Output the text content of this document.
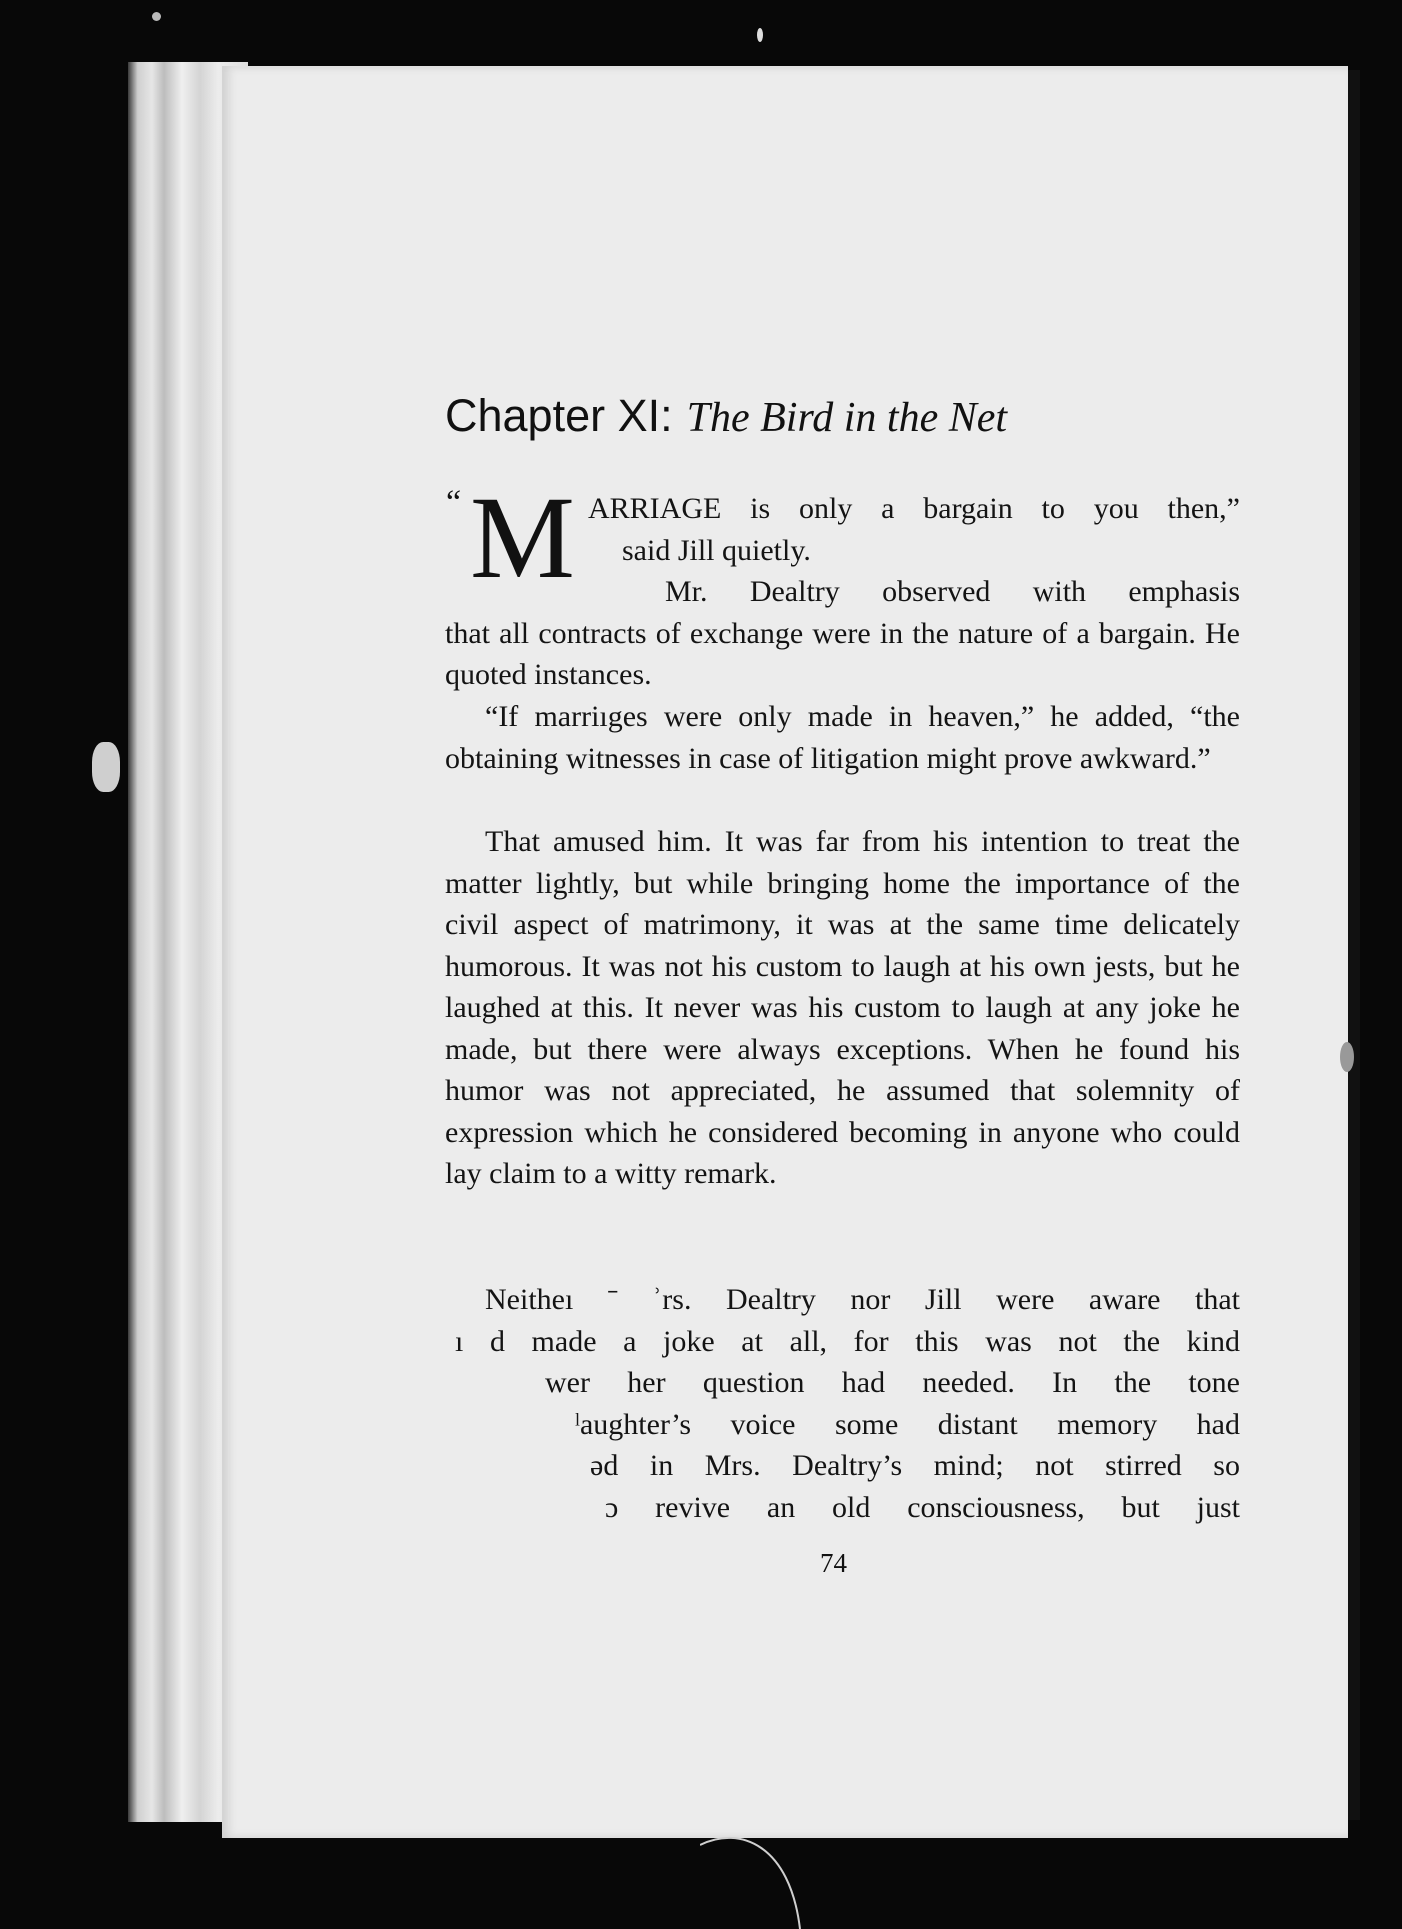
Chapter XI: The Bird in the Net
“ M ARRIAGE is only a bargain to you then,”
said Jill quietly.
Mr. Dealtry observed with emphasis
that all contracts of exchange were in the nature of a bargain. He quoted instances.
“If marriıges were only made in heaven,” he added, “the obtaining witnesses in case of litigation might prove awkward.”
That amused him. It was far from his intention to treat the matter lightly, but while bringing home the importance of the civil aspect of matrimony, it was at the same time delicately humorous. It was not his custom to laugh at his own jests, but he laughed at this. It never was his custom to laugh at any joke he made, but there were always exceptions. When he found his humor was not appreciated, he assumed that solemnity of expression which he considered becoming in anyone who could lay claim to a witty remark.
Neitheı ˉ ʾrs. Dealtry nor Jill were aware that
ı ԁ made a joke at all, for this was not the kind
wer her question had needed. In the tone
ˡaughter’s voice some distant memory had
əd in Mrs. Dealtry’s mind; not stirred so
ɔ revive an old consciousness, but just
74
